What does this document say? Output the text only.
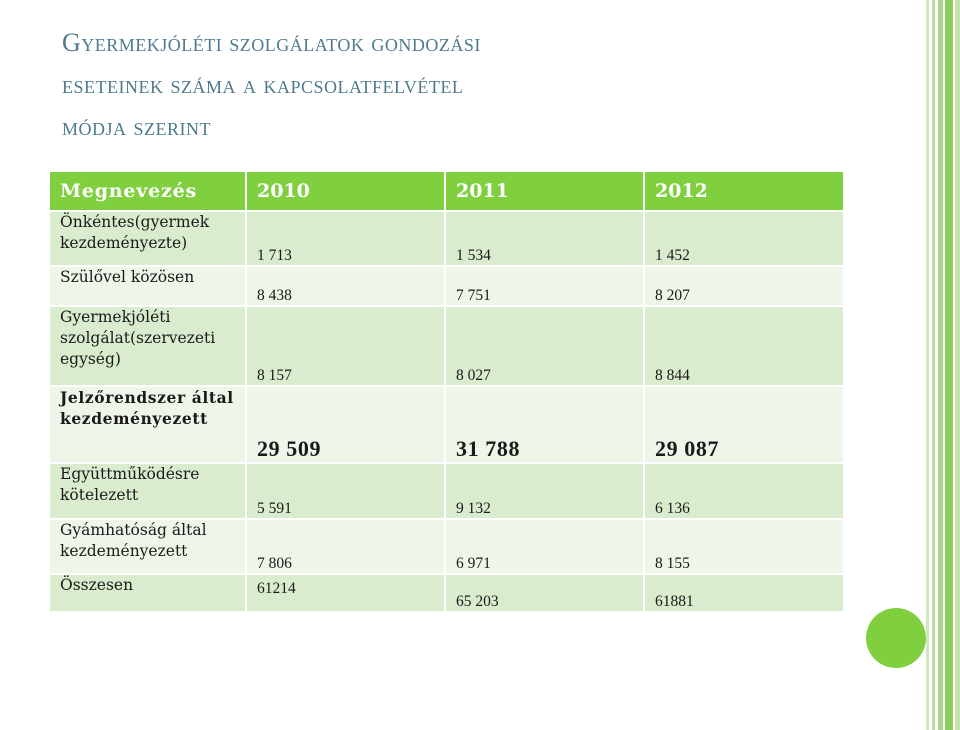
Gyermekjóléti szolgálatok gondozási
eseteinek száma a kapcsolatfelvétel
módja szerint
Megnevezés	2010	2011	2012
Önkéntes(gyermek kezdeményezte)	1 713	1 534	1 452
Szülővel közösen	8 438	7 751	8 207
Gyermekjóléti szolgálat(szervezeti egység)	8 157	8 027	8 844
Jelzőrendszer által kezdeményezett	29 509	31 788	29 087
Együttműködésre kötelezett	5 591	9 132	6 136
Gyámhatóság által kezdeményezett	7 806	6 971	8 155
Összesen	61214	65 203	61881
